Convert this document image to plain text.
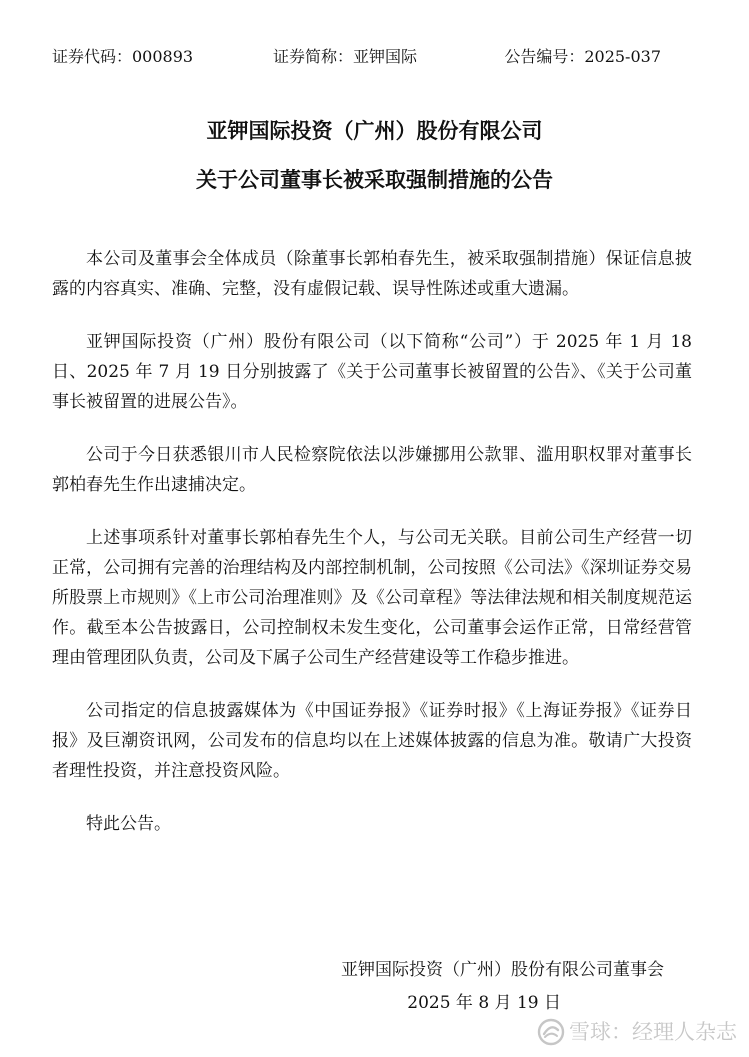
证券代码：000893	证券简称：亚钾国际	公告编号：2025-037
亚钾国际投资（广州）股份有限公司
关于公司董事长被采取强制措施的公告

本公司及董事会全体成员（除董事长郭柏春先生，被采取强制措施）保证信息披露的内容真实、准确、完整，没有虚假记载、误导性陈述或重大遗漏。

亚钾国际投资（广州）股份有限公司（以下简称“公司”）于 2025 年 1 月 18 日、2025 年 7 月 19 日分别披露了《关于公司董事长被留置的公告》、《关于公司董事长被留置的进展公告》。

公司于今日获悉银川市人民检察院依法以涉嫌挪用公款罪、滥用职权罪对董事长郭柏春先生作出逮捕决定。

上述事项系针对董事长郭柏春先生个人，与公司无关联。目前公司生产经营一切正常，公司拥有完善的治理结构及内部控制机制，公司按照《公司法》《深圳证券交易所股票上市规则》《上市公司治理准则》及《公司章程》等法律法规和相关制度规范运作。截至本公告披露日，公司控制权未发生变化，公司董事会运作正常，日常经营管理由管理团队负责，公司及下属子公司生产经营建设等工作稳步推进。

公司指定的信息披露媒体为《中国证券报》《证券时报》《上海证券报》《证券日报》及巨潮资讯网，公司发布的信息均以在上述媒体披露的信息为准。敬请广大投资者理性投资，并注意投资风险。

特此公告。

亚钾国际投资（广州）股份有限公司董事会
2025 年 8 月 19 日
雪球：经理人杂志
